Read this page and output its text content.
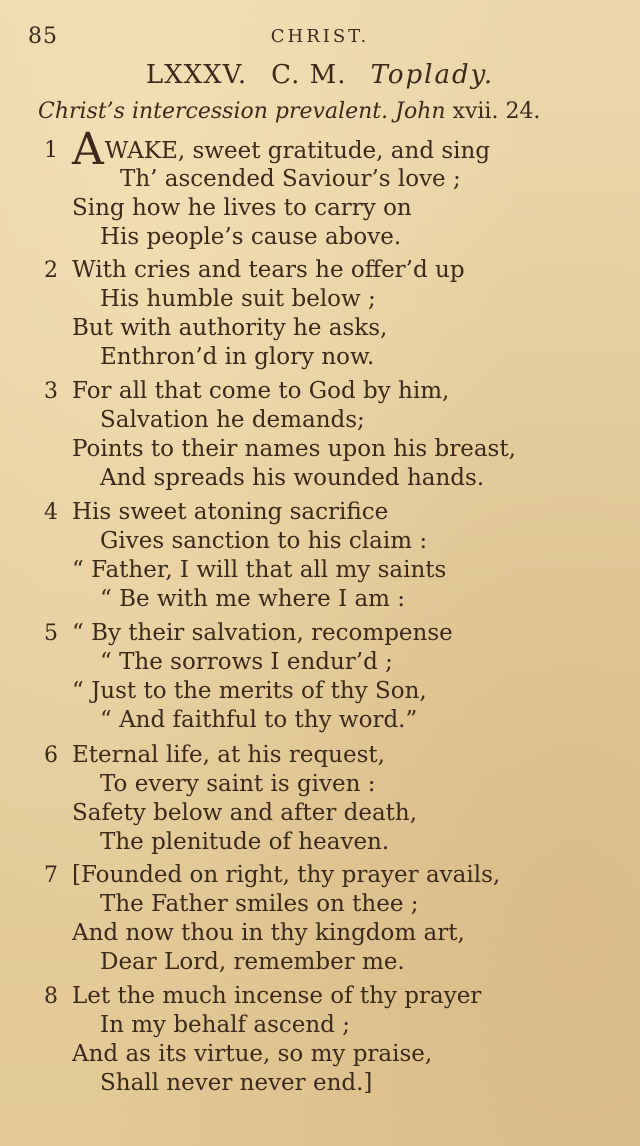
85	CHRIST.
LXXXV. C. M. Toplady.
Christ’s intercession prevalent. John xvii. 24.
1 AWAKE, sweet gratitude, and sing
Th’ ascended Saviour’s love ;
Sing how he lives to carry on
His people’s cause above.
2 With cries and tears he offer’d up
His humble suit below ;
But with authority he asks,
Enthron’d in glory now.
3 For all that come to God by him,
Salvation he demands;
Points to their names upon his breast,
And spreads his wounded hands.
4 His sweet atoning sacrifice
Gives sanction to his claim :
“ Father, I will that all my saints
“ Be with me where I am :
5 “ By their salvation, recompense
“ The sorrows I endur’d ;
“ Just to the merits of thy Son,
“ And faithful to thy word.”
6 Eternal life, at his request,
To every saint is given :
Safety below and after death,
The plenitude of heaven.
7 [Founded on right, thy prayer avails,
The Father smiles on thee ;
And now thou in thy kingdom art,
Dear Lord, remember me.
8 Let the much incense of thy prayer
In my behalf ascend ;
And as its virtue, so my praise,
Shall never never end.]
